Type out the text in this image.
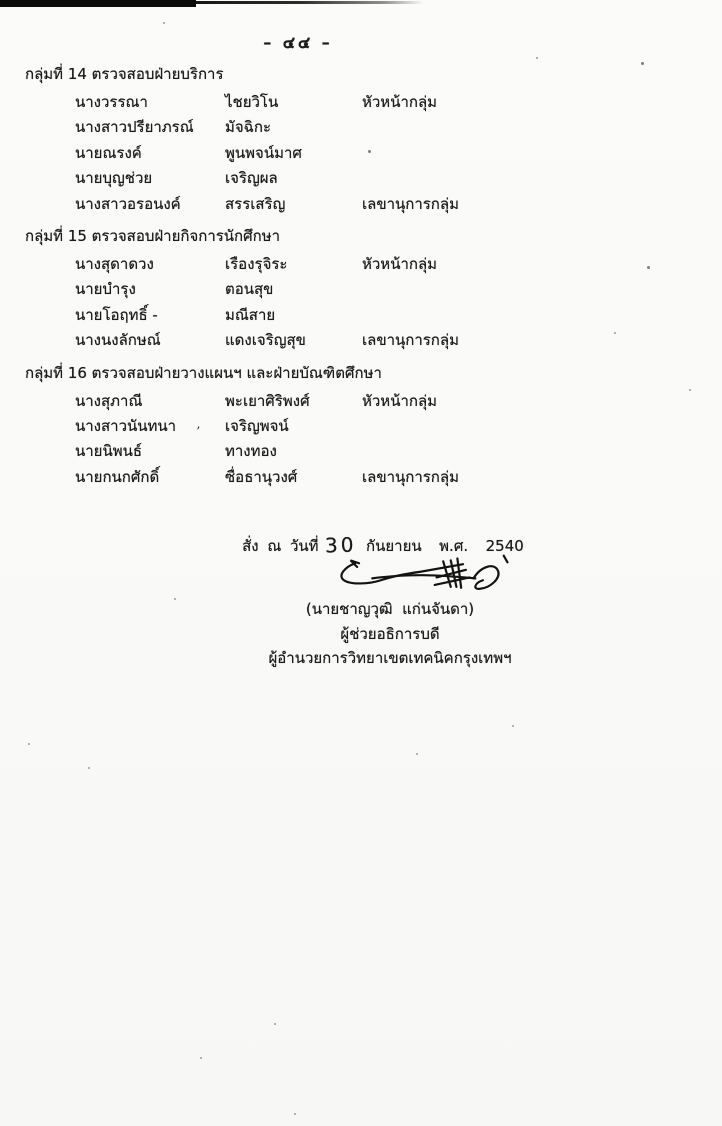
– ๔๔ –
กลุ่มที่ 14 ตรวจสอบฝ่ายบริการ
นางวรรณา	ไชยวิโน	หัวหน้ากลุ่ม
นางสาวปรียาภรณ์	มัจฉิกะ
นายณรงค์	พูนพจน์มาศ
นายบุญช่วย	เจริญผล
นางสาวอรอนงค์	สรรเสริญ	เลขานุการกลุ่ม
กลุ่มที่ 15 ตรวจสอบฝ่ายกิจการนักศึกษา
นางสุดาดวง	เรืองรุจิระ	หัวหน้ากลุ่ม
นายบำรุง	ตอนสุข
นายโอฤทธิ์ -	มณีสาย
นางนงลักษณ์	แดงเจริญสุข	เลขานุการกลุ่ม
กลุ่มที่ 16 ตรวจสอบฝ่ายวางแผนฯ และฝ่ายบัณฑิตศึกษา
นางสุภาณี	พะเยาศิริพงศ์	หัวหน้ากลุ่ม
นางสาวนันทนา	เจริญพจน์
นายนิพนธ์	ทางทอง
นายกนกศักดิ์	ซื่อธานุวงศ์	เลขานุการกลุ่ม

สั่ง ณ วันที่ 30 กันยายน  พ.ศ.  2540

(นายชาญวุฒิ  แก่นจันดา)
ผู้ช่วยอธิการบดี
ผู้อำนวยการวิทยาเขตเทคนิคกรุงเทพฯ
,
